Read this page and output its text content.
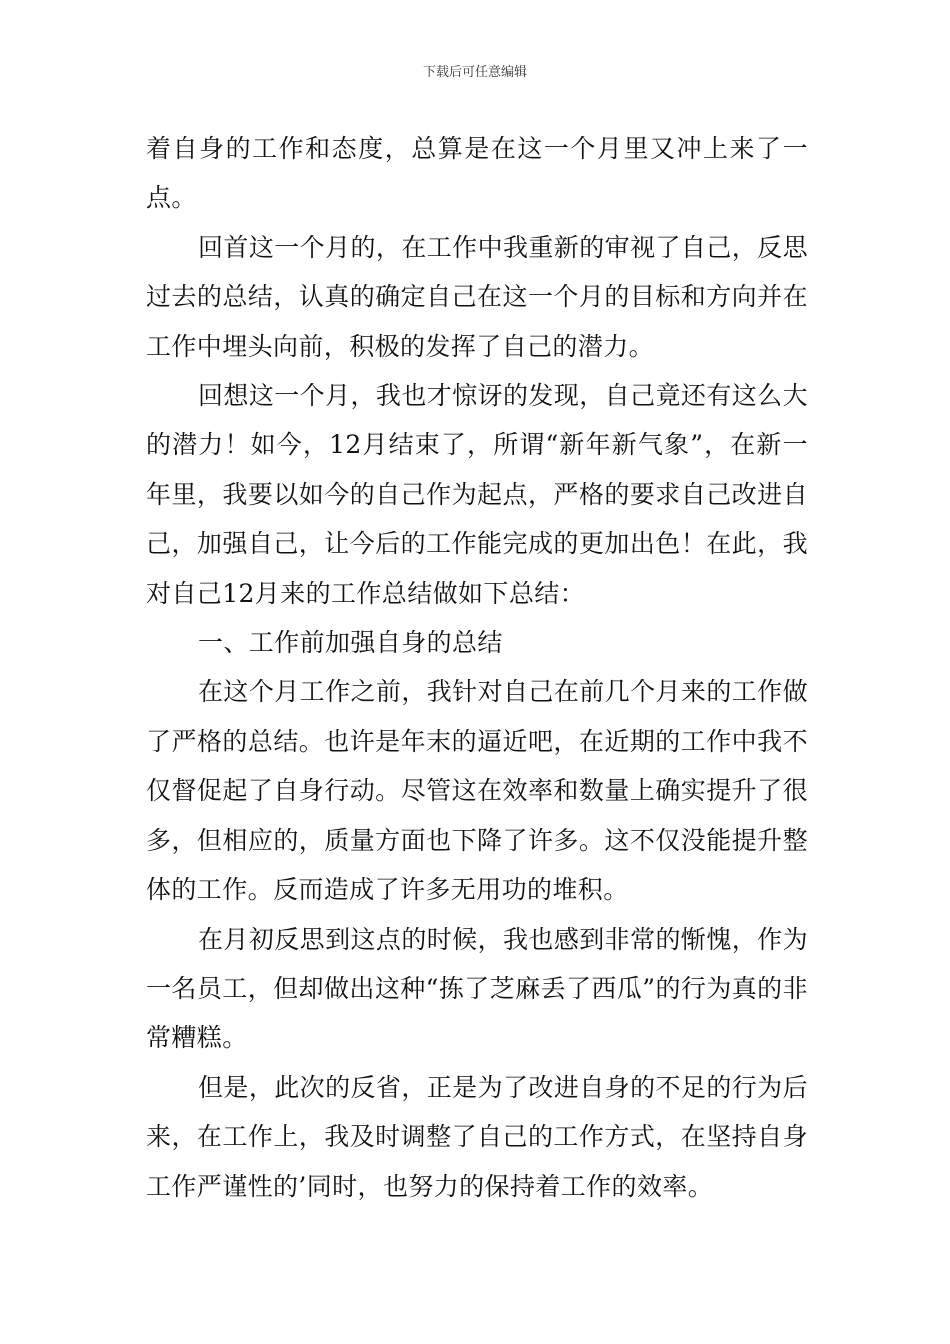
下载后可任意编辑

着自身的工作和态度，总算是在这一个月里又冲上来了一点。

回首这一个月的，在工作中我重新的审视了自己，反思过去的总结，认真的确定自己在这一个月的目标和方向并在工作中埋头向前，积极的发挥了自己的潜力。

回想这一个月，我也才惊讶的发现，自己竟还有这么大的潜力！如今，12月结束了，所谓“新年新气象”，在新一年里，我要以如今的自己作为起点，严格的要求自己改进自己，加强自己，让今后的工作能完成的更加出色！在此，我对自己12月来的工作总结做如下总结：

一、工作前加强自身的总结

在这个月工作之前，我针对自己在前几个月来的工作做了严格的总结。也许是年末的逼近吧，在近期的工作中我不仅督促起了自身行动。尽管这在效率和数量上确实提升了很多，但相应的，质量方面也下降了许多。这不仅没能提升整体的工作。反而造成了许多无用功的堆积。

在月初反思到这点的时候，我也感到非常的惭愧，作为一名员工，但却做出这种“拣了芝麻丢了西瓜”的行为真的非常糟糕。

但是，此次的反省，正是为了改进自身的不足的行为后来，在工作上，我及时调整了自己的工作方式，在坚持自身工作严谨性的’同时，也努力的保持着工作的效率。
